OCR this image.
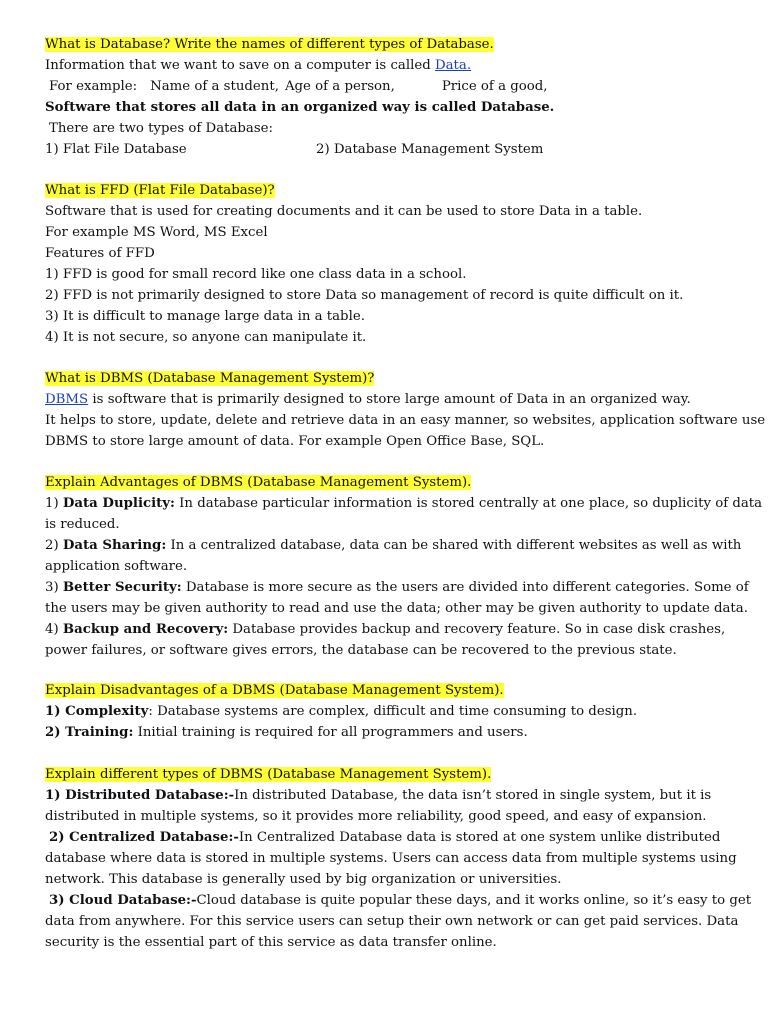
What is Database? Write the names of different types of Database.
Information that we want to save on a computer is called Data.
For example: Name of a student, Age of a person,	Price of a good,
Software that stores all data in an organized way is called Database.
There are two types of Database:
1) Flat File Database	2) Database Management System
What is FFD (Flat File Database)?
Software that is used for creating documents and it can be used to store Data in a table.
For example MS Word, MS Excel
Features of FFD
1) FFD is good for small record like one class data in a school.
2) FFD is not primarily designed to store Data so management of record is quite difficult on it.
3) It is difficult to manage large data in a table.
4) It is not secure, so anyone can manipulate it.
What is DBMS (Database Management System)?
DBMS is software that is primarily designed to store large amount of Data in an organized way.
It helps to store, update, delete and retrieve data in an easy manner, so websites, application software use
DBMS to store large amount of data. For example Open Office Base, SQL.
Explain Advantages of DBMS (Database Management System).
1) Data Duplicity: In database particular information is stored centrally at one place, so duplicity of data
is reduced.
2) Data Sharing: In a centralized database, data can be shared with different websites as well as with
application software.
3) Better Security: Database is more secure as the users are divided into different categories. Some of
the users may be given authority to read and use the data; other may be given authority to update data.
4) Backup and Recovery: Database provides backup and recovery feature. So in case disk crashes,
power failures, or software gives errors, the database can be recovered to the previous state.
Explain Disadvantages of a DBMS (Database Management System).
1) Complexity: Database systems are complex, difficult and time consuming to design.
2) Training: Initial training is required for all programmers and users.
Explain different types of DBMS (Database Management System).
1) Distributed Database:-In distributed Database, the data isn’t stored in single system, but it is
distributed in multiple systems, so it provides more reliability, good speed, and easy of expansion.
2) Centralized Database:-In Centralized Database data is stored at one system unlike distributed
database where data is stored in multiple systems. Users can access data from multiple systems using
network. This database is generally used by big organization or universities.
3) Cloud Database:-Cloud database is quite popular these days, and it works online, so it’s easy to get
data from anywhere. For this service users can setup their own network or can get paid services. Data
security is the essential part of this service as data transfer online.
